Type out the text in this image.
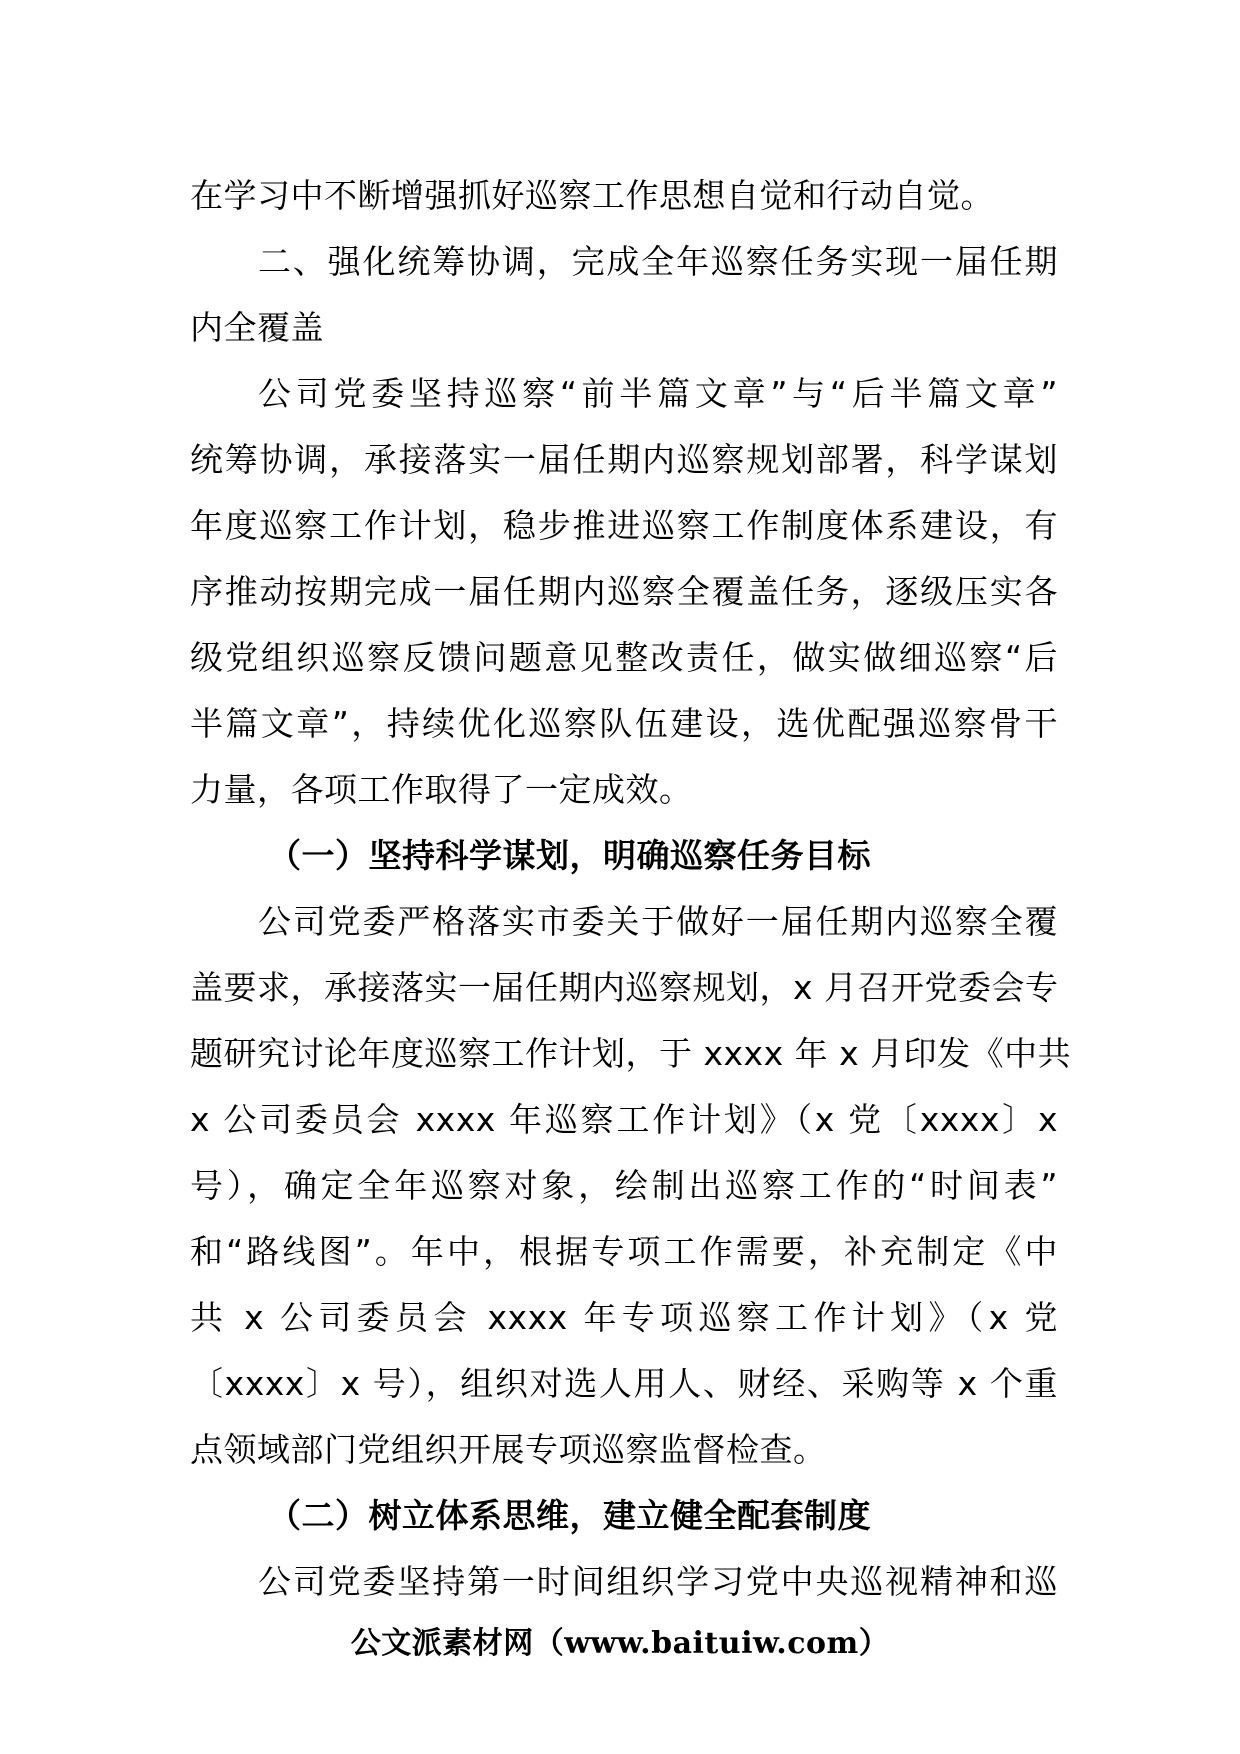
在学习中不断增强抓好巡察工作思想自觉和行动自觉。
二、强化统筹协调，完成全年巡察任务实现一届任期
内全覆盖
公司党委坚持巡察“前半篇文章”与“后半篇文章”
统筹协调，承接落实一届任期内巡察规划部署，科学谋划
年度巡察工作计划，稳步推进巡察工作制度体系建设，有
序推动按期完成一届任期内巡察全覆盖任务，逐级压实各
级党组织巡察反馈问题意见整改责任，做实做细巡察“后
半篇文章”，持续优化巡察队伍建设，选优配强巡察骨干
力量，各项工作取得了一定成效。
（一）坚持科学谋划，明确巡察任务目标
公司党委严格落实市委关于做好一届任期内巡察全覆
盖要求，承接落实一届任期内巡察规划，x 月召开党委会专
题研究讨论年度巡察工作计划，于 xxxx 年 x 月印发《中共
x 公司委员会 xxxx 年巡察工作计划》（x 党〔xxxx〕x
号），确定全年巡察对象，绘制出巡察工作的“时间表”
和“路线图”。年中，根据专项工作需要，补充制定《中
共 x 公司委员会 xxxx 年专项巡察工作计划》（x 党
〔xxxx〕x 号），组织对选人用人、财经、采购等 x 个重
点领域部门党组织开展专项巡察监督检查。
（二）树立体系思维，建立健全配套制度
公司党委坚持第一时间组织学习党中央巡视精神和巡
公文派素材网（www.baituiw.com）
